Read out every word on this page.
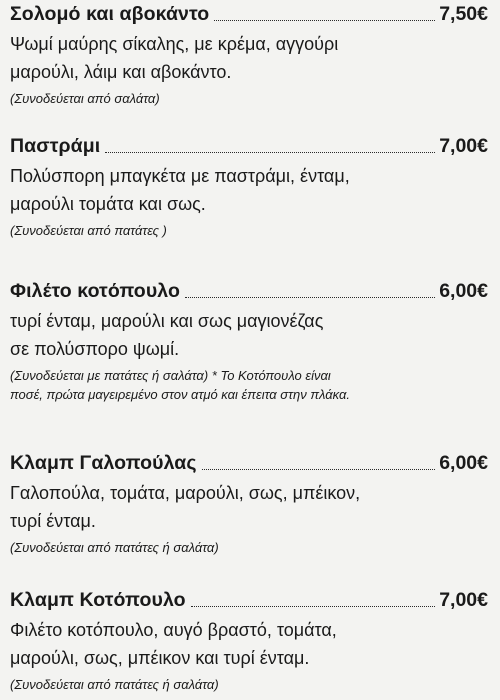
Σολομό και αβοκάντο	7,50€
Ψωμί μαύρης σίκαλης, με κρέμα, αγγούρι
μαρούλι, λάιμ και αβοκάντο.
(Συνοδεύεται από σαλάτα)
Παστράμι	7,00€
Πολύσπορη μπαγκέτα με παστράμι, ένταμ,
μαρούλι τομάτα και σως.
(Συνοδεύεται από πατάτες )
Φιλέτο κοτόπουλο	6,00€
τυρί ένταμ, μαρούλι και σως μαγιονέζας
σε πολύσπορο ψωμί.
(Συνοδεύεται με πατάτες ή σαλάτα) * Το Κοτόπουλο είναι
ποσέ, πρώτα μαγειρεμένο στον ατμό και έπειτα στην πλάκα.
Κλαμπ Γαλοπούλας	6,00€
Γαλοπούλα, τομάτα, μαρούλι, σως, μπέικον,
τυρί ένταμ.
(Συνοδεύεται από πατάτες ή σαλάτα)
Κλαμπ Κοτόπουλο	7,00€
Φιλέτο κοτόπουλο, αυγό βραστό, τομάτα,
μαρούλι, σως, μπέικον και τυρί ένταμ.
(Συνοδεύεται από πατάτες ή σαλάτα)
